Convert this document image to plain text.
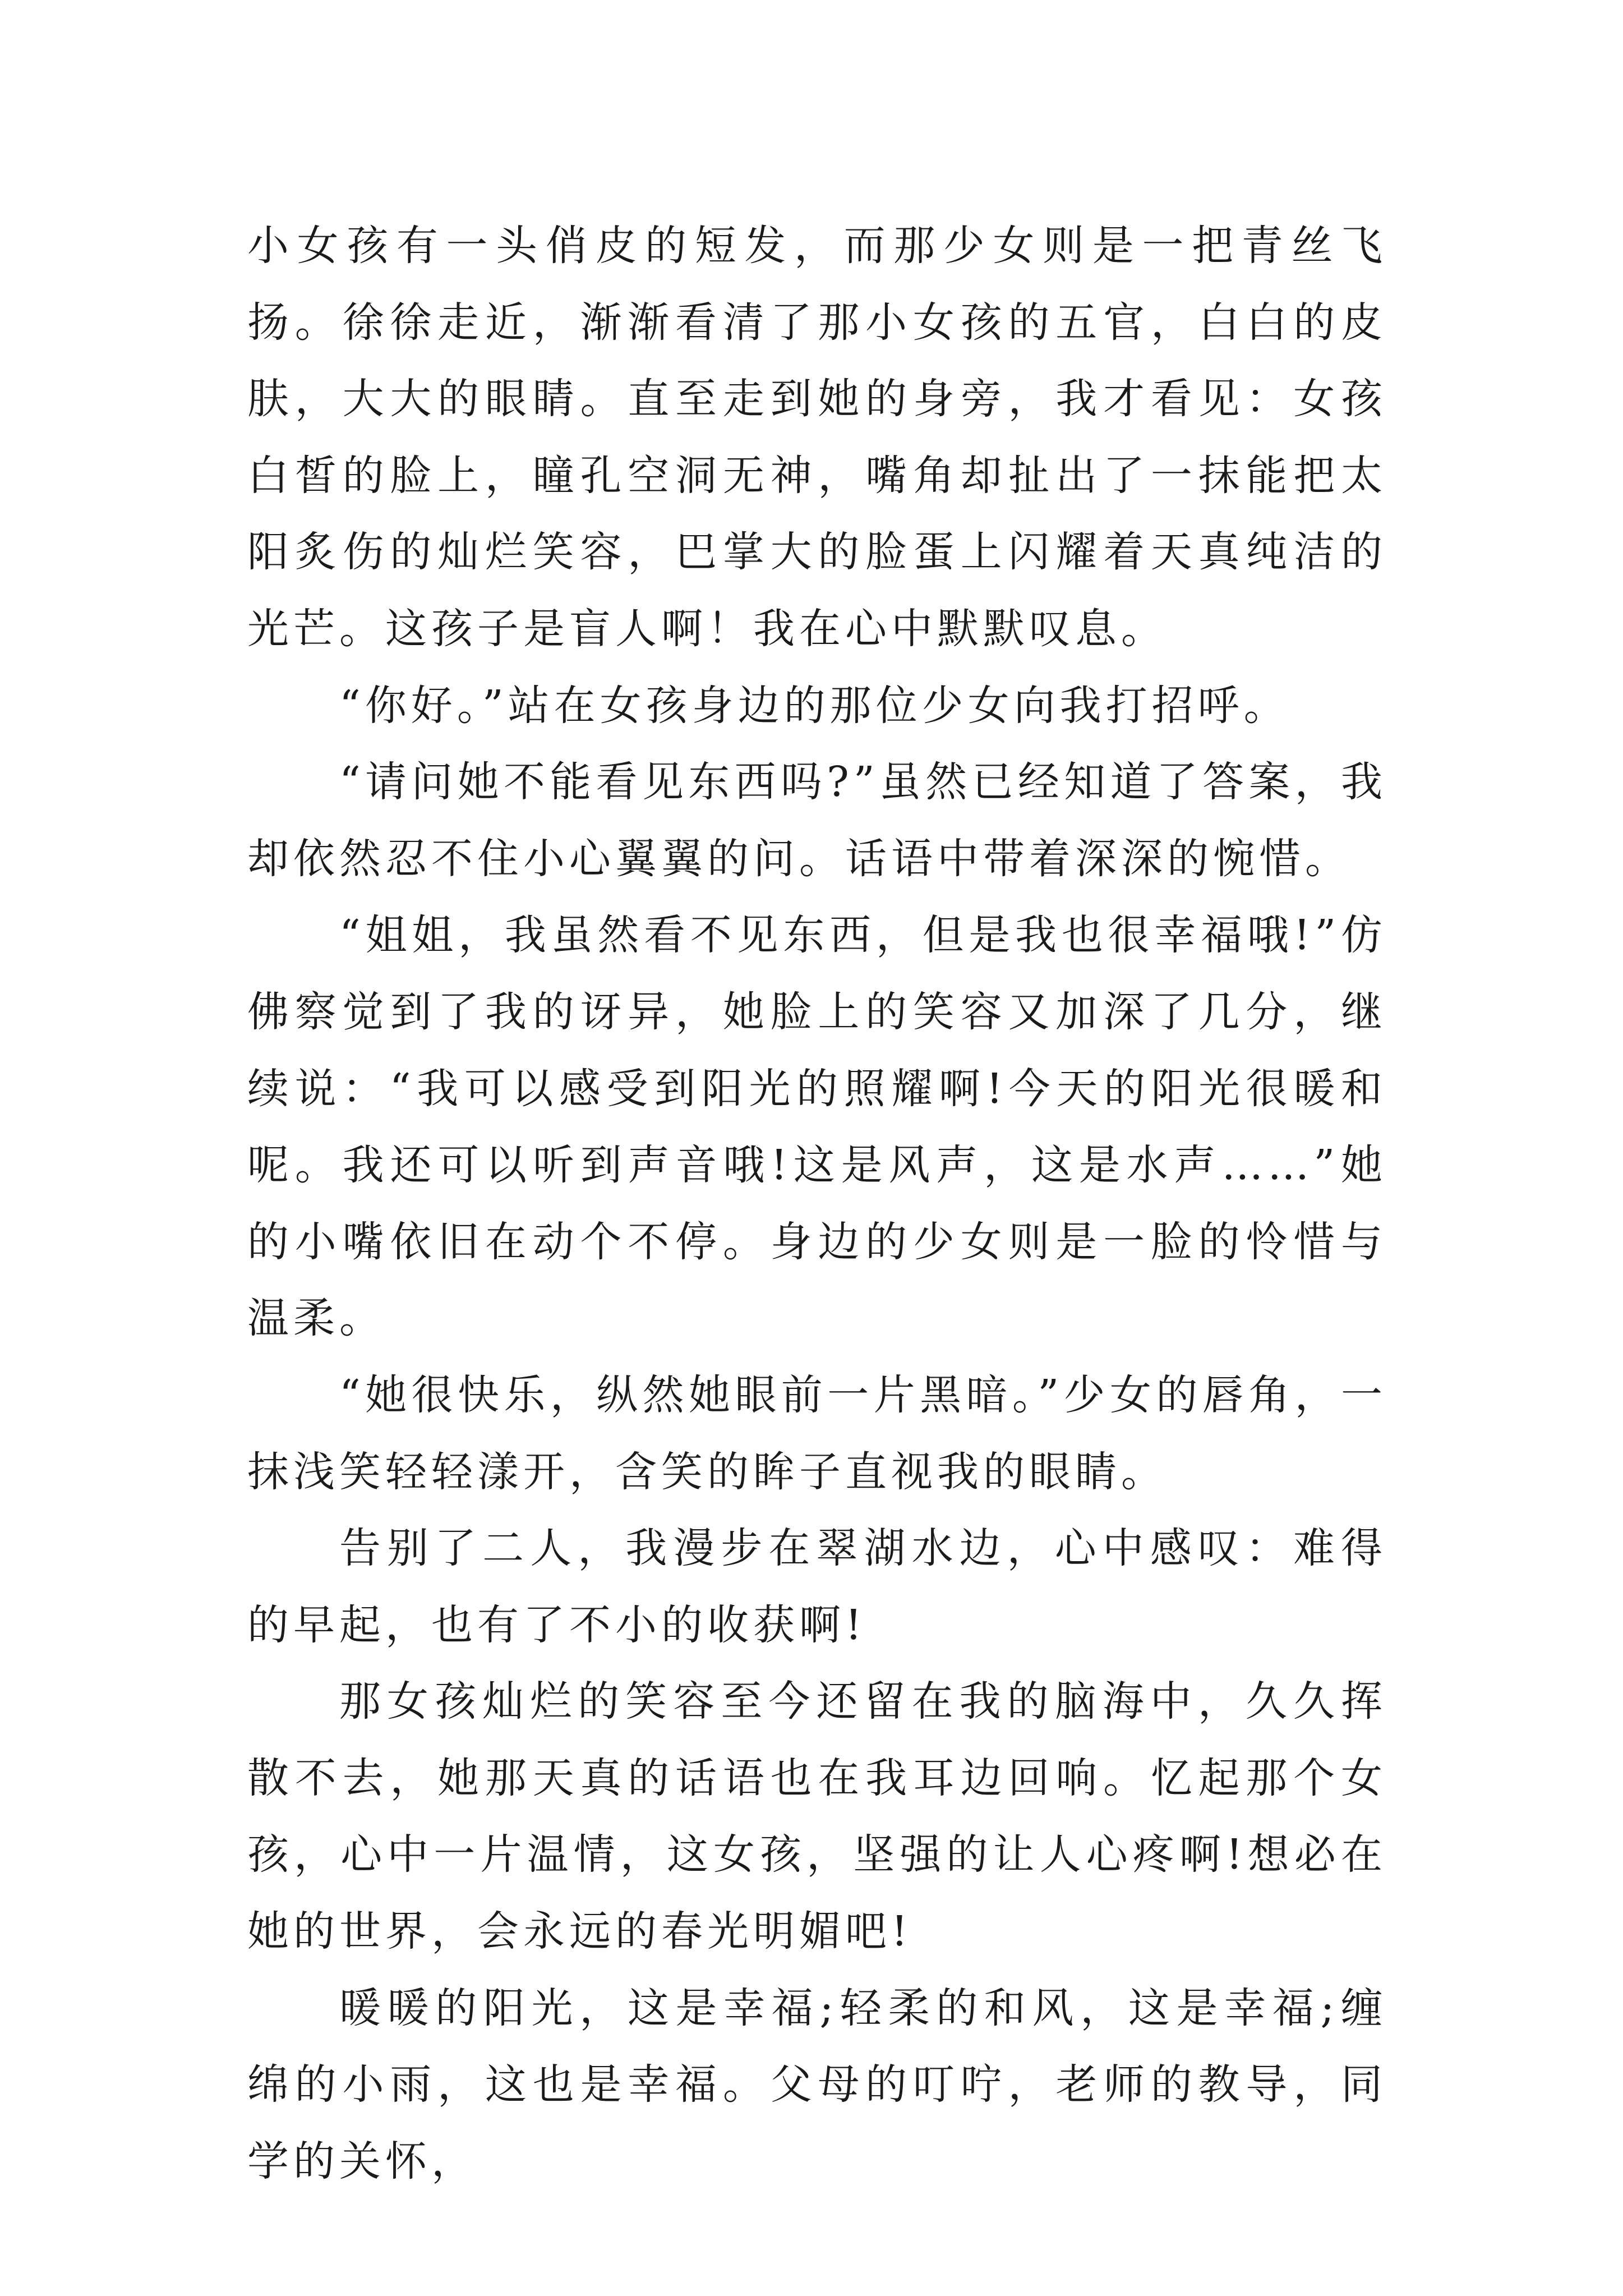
小女孩有一头俏皮的短发，而那少女则是一把青丝飞扬。徐徐走近，渐渐看清了那小女孩的五官，白白的皮肤，大大的眼睛。直至走到她的身旁，我才看见：女孩白皙的脸上，瞳孔空洞无神，嘴角却扯出了一抹能把太阳炙伤的灿烂笑容，巴掌大的脸蛋上闪耀着天真纯洁的光芒。这孩子是盲人啊！我在心中默默叹息。

“你好。”站在女孩身边的那位少女向我打招呼。

“请问她不能看见东西吗?”虽然已经知道了答案，我却依然忍不住小心翼翼的问。话语中带着深深的惋惜。

“姐姐，我虽然看不见东西，但是我也很幸福哦!”仿佛察觉到了我的讶异，她脸上的笑容又加深了几分，继续说：“我可以感受到阳光的照耀啊!今天的阳光很暖和呢。我还可以听到声音哦!这是风声，这是水声……”她的小嘴依旧在动个不停。身边的少女则是一脸的怜惜与温柔。

“她很快乐，纵然她眼前一片黑暗。”少女的唇角，一抹浅笑轻轻漾开，含笑的眸子直视我的眼睛。

告别了二人，我漫步在翠湖水边，心中感叹：难得的早起，也有了不小的收获啊!

那女孩灿烂的笑容至今还留在我的脑海中，久久挥散不去，她那天真的话语也在我耳边回响。忆起那个女孩，心中一片温情，这女孩，坚强的让人心疼啊!想必在她的世界，会永远的春光明媚吧!

暖暖的阳光，这是幸福;轻柔的和风，这是幸福;缠绵的小雨，这也是幸福。父母的叮咛，老师的教导，同学的关怀，
